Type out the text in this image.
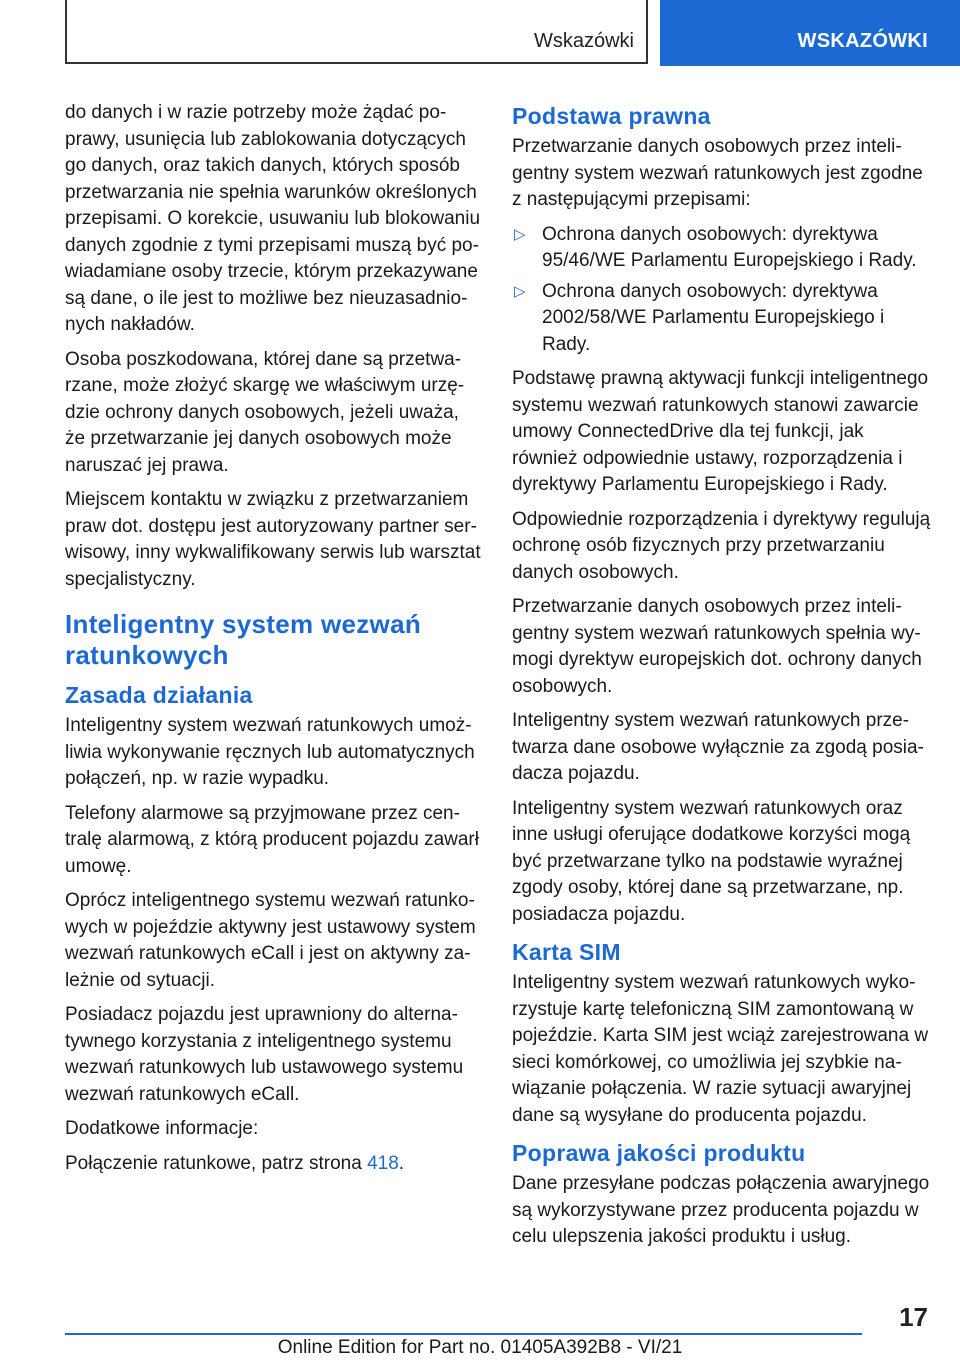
Wskazówki	WSKAZÓWKI

do danych i w razie potrzeby może żądać poprawy, usunięcia lub zablokowania dotyczących go danych, oraz takich danych, których sposób przetwarzania nie spełnia warunków określonych przepisami. O korekcie, usuwaniu lub blokowaniu danych zgodnie z tymi przepisami muszą być powiadamiane osoby trzecie, którym przekazywane są dane, o ile jest to możliwe bez nieuzasadnionych nakładów.

Osoba poszkodowana, której dane są przetwarzane, może złożyć skargę we właściwym urzędzie ochrony danych osobowych, jeżeli uważa, że przetwarzanie jej danych osobowych może naruszać jej prawa.

Miejscem kontaktu w związku z przetwarzaniem praw dot. dostępu jest autoryzowany partner serwisowy, inny wykwalifikowany serwis lub warsztat specjalistyczny.

Inteligentny system wezwań ratunkowych
Zasada działania

Inteligentny system wezwań ratunkowych umożliwia wykonywanie ręcznych lub automatycznych połączeń, np. w razie wypadku.

Telefony alarmowe są przyjmowane przez centralę alarmową, z którą producent pojazdu zawarł umowę.

Oprócz inteligentnego systemu wezwań ratunkowych w pojeździe aktywny jest ustawowy system wezwań ratunkowych eCall i jest on aktywny zależnie od sytuacji.

Posiadacz pojazdu jest uprawniony do alternatywnego korzystania z inteligentnego systemu wezwań ratunkowych lub ustawowego systemu wezwań ratunkowych eCall.

Dodatkowe informacje:

Połączenie ratunkowe, patrz strona 418.

Podstawa prawna

Przetwarzanie danych osobowych przez inteligentny system wezwań ratunkowych jest zgodne z następującymi przepisami:

▷ Ochrona danych osobowych: dyrektywa 95/46/WE Parlamentu Europejskiego i Rady.
▷ Ochrona danych osobowych: dyrektywa 2002/58/WE Parlamentu Europejskiego i Rady.

Podstawę prawną aktywacji funkcji inteligentnego systemu wezwań ratunkowych stanowi zawarcie umowy ConnectedDrive dla tej funkcji, jak również odpowiednie ustawy, rozporządzenia i dyrektywy Parlamentu Europejskiego i Rady.

Odpowiednie rozporządzenia i dyrektywy regulują ochronę osób fizycznych przy przetwarzaniu danych osobowych.

Przetwarzanie danych osobowych przez inteligentny system wezwań ratunkowych spełnia wymogi dyrektyw europejskich dot. ochrony danych osobowych.

Inteligentny system wezwań ratunkowych przetwarza dane osobowe wyłącznie za zgodą posiadacza pojazdu.

Inteligentny system wezwań ratunkowych oraz inne usługi oferujące dodatkowe korzyści mogą być przetwarzane tylko na podstawie wyraźnej zgody osoby, której dane są przetwarzane, np. posiadacza pojazdu.

Karta SIM

Inteligentny system wezwań ratunkowych wykorzystuje kartę telefoniczną SIM zamontowaną w pojeździe. Karta SIM jest wciąż zarejestrowana w sieci komórkowej, co umożliwia jej szybkie nawiązanie połączenia. W razie sytuacji awaryjnej dane są wysyłane do producenta pojazdu.

Poprawa jakości produktu

Dane przesyłane podczas połączenia awaryjnego są wykorzystywane przez producenta pojazdu w celu ulepszenia jakości produktu i usług.

17
Online Edition for Part no. 01405A392B8 - VI/21
